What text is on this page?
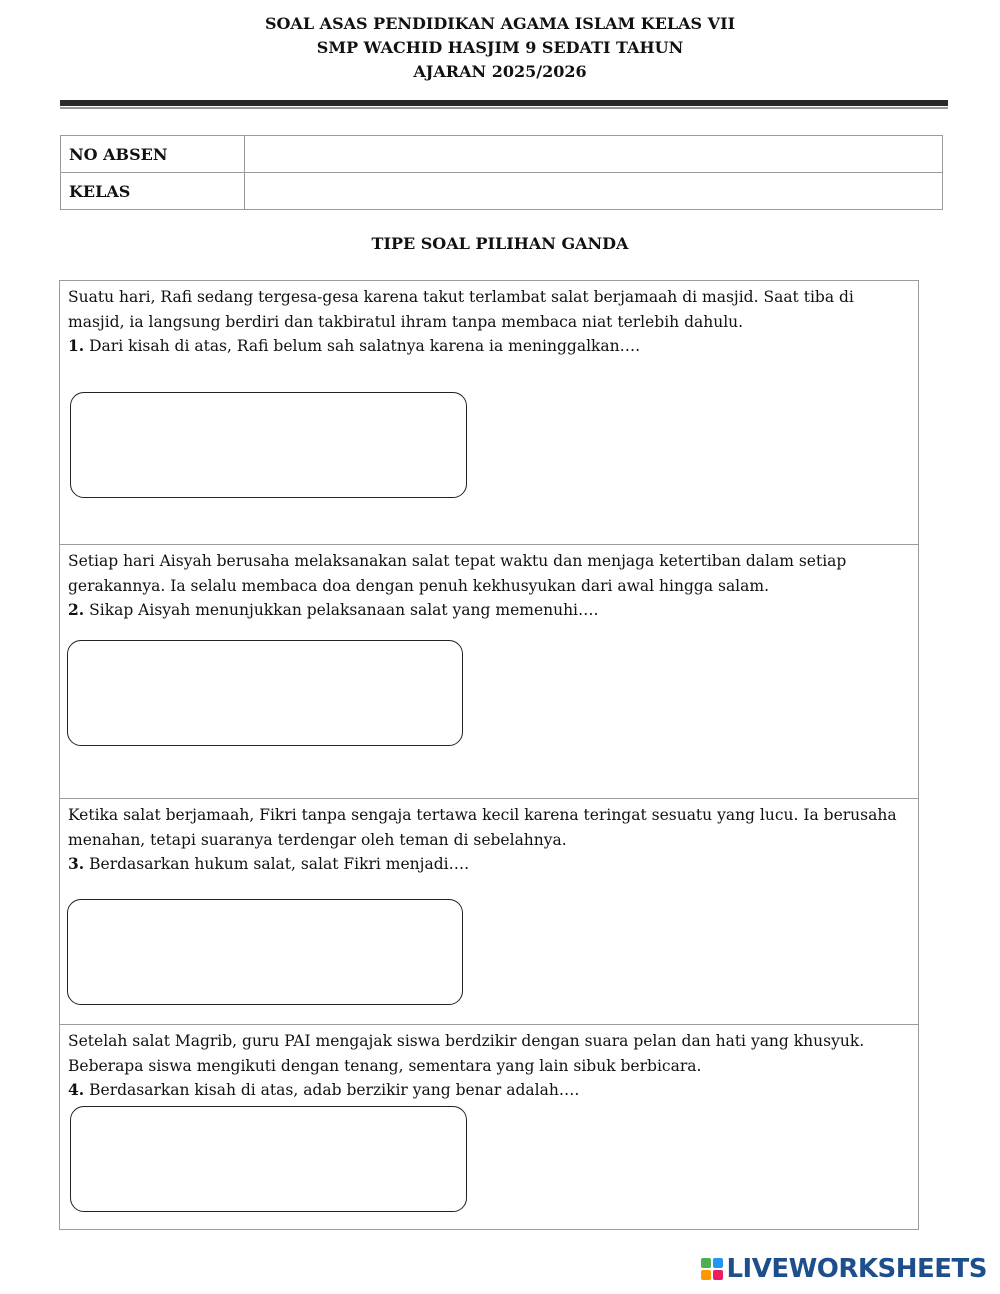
SOAL ASAS PENDIDIKAN AGAMA ISLAM KELAS VII
SMP WACHID HASJIM 9 SEDATI TAHUN
AJARAN 2025/2026
NO ABSEN	
KELAS	
TIPE SOAL PILIHAN GANDA
Suatu hari, Rafi sedang tergesa-gesa karena takut terlambat salat berjamaah di masjid. Saat tiba di masjid, ia langsung berdiri dan takbiratul ihram tanpa membaca niat terlebih dahulu.
1. Dari kisah di atas, Rafi belum sah salatnya karena ia meninggalkan….
Setiap hari Aisyah berusaha melaksanakan salat tepat waktu dan menjaga ketertiban dalam setiap gerakannya. Ia selalu membaca doa dengan penuh kekhusyukan dari awal hingga salam.
2. Sikap Aisyah menunjukkan pelaksanaan salat yang memenuhi….
Ketika salat berjamaah, Fikri tanpa sengaja tertawa kecil karena teringat sesuatu yang lucu. Ia berusaha menahan, tetapi suaranya terdengar oleh teman di sebelahnya.
3. Berdasarkan hukum salat, salat Fikri menjadi….
Setelah salat Magrib, guru PAI mengajak siswa berdzikir dengan suara pelan dan hati yang khusyuk. Beberapa siswa mengikuti dengan tenang, sementara yang lain sibuk berbicara.
4. Berdasarkan kisah di atas, adab berzikir yang benar adalah….
LIVEWORKSHEETS
